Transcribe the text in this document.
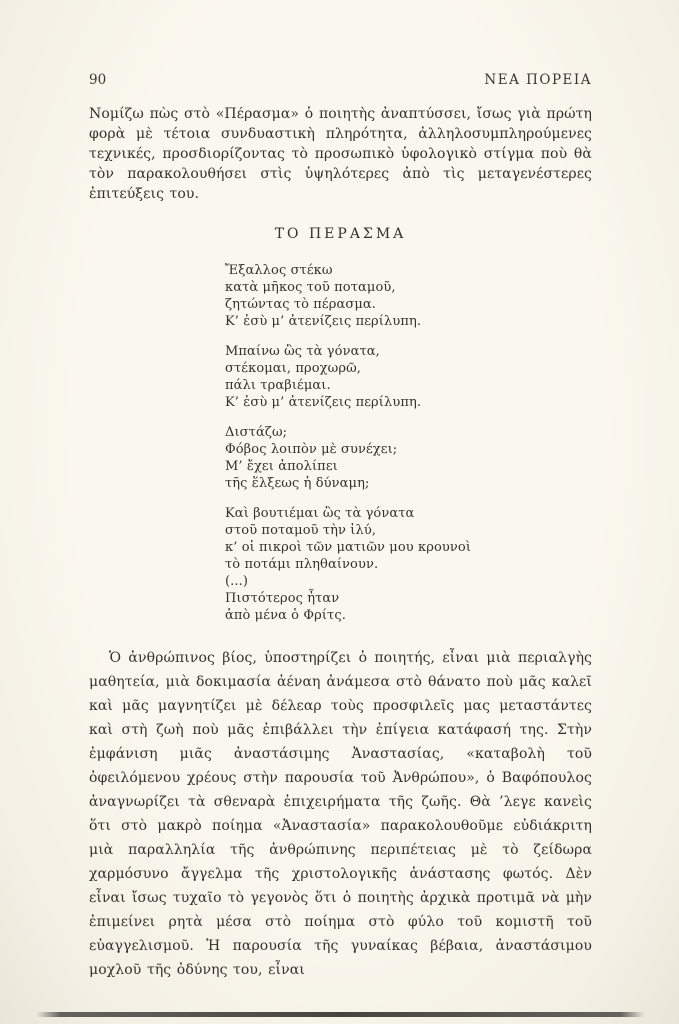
90	ΝΕΑ ΠΟΡΕΙΑ

Νομίζω πὼς στὸ «Πέρασμα» ὁ ποιητὴς ἀναπτύσσει, ἴσως γιὰ πρώτη φορὰ μὲ τέτοια συνδυαστικὴ πληρότητα, ἀλληλοσυμπληρούμενες τεχνικές, προσδιορίζοντας τὸ προσωπικὸ ὑφολογικὸ στίγμα ποὺ θὰ τὸν παρακολουθήσει στὶς ὑψηλότερες ἀπὸ τὶς μεταγενέστερες ἐπιτεύξεις του.

ΤΟ ΠΕΡΑΣΜΑ
Ἔξαλλος στέκω
κατὰ μῆκος τοῦ ποταμοῦ,
ζητώντας τὸ πέρασμα.
Κ’ ἐσὺ μ’ ἀτενίζεις περίλυπη.
Μπαίνω ὣς τὰ γόνατα,
στέκομαι, προχωρῶ,
πάλι τραβιέμαι.
Κ’ ἐσὺ μ’ ἀτενίζεις περίλυπη.
Διστάζω;
Φόβος λοιπὸν μὲ συνέχει;
Μ’ ἔχει ἀπολίπει
τῆς ἕλξεως ἡ δύναμη;
Καὶ βουτιέμαι ὣς τὰ γόνατα
στοῦ ποταμοῦ τὴν ἰλύ,
κ’ οἱ πικροὶ τῶν ματιῶν μου κρουνοὶ
τὸ ποτάμι πληθαίνουν.
(...)
Πιστότερος ἦταν
ἀπὸ μένα ὁ Φρίτς.

Ὁ ἀνθρώπινος βίος, ὑποστηρίζει ὁ ποιητής, εἶναι μιὰ περιαλγὴς μαθητεία, μιὰ δοκιμασία ἀέναη ἀνάμεσα στὸ θάνατο ποὺ μᾶς καλεῖ καὶ μᾶς μαγνητίζει μὲ δέλεαρ τοὺς προσφιλεῖς μας μεταστάντες καὶ στὴ ζωὴ ποὺ μᾶς ἐπιβάλλει τὴν ἐπίγεια κατάφασή της. Στὴν ἐμφάνιση μιᾶς ἀναστάσιμης Ἀναστασίας, «καταβολὴ τοῦ ὀφειλόμενου χρέους στὴν παρουσία τοῦ Ἀνθρώπου», ὁ Βαφόπουλος ἀναγνωρίζει τὰ σθεναρὰ ἐπιχειρήματα τῆς ζωῆς. Θὰ ’λεγε κανεὶς ὅτι στὸ μακρὸ ποίημα «Ἀναστασία» παρακολουθοῦμε εὐδιάκριτη μιὰ παραλληλία τῆς ἀνθρώπινης περιπέτειας μὲ τὸ ζείδωρα χαρμόσυνο ἄγγελμα τῆς χριστολογικῆς ἀνάστασης φωτός. Δὲν εἶναι ἴσως τυχαῖο τὸ γεγονὸς ὅτι ὁ ποιητὴς ἀρχικὰ προτιμᾶ νὰ μὴν ἐπιμείνει ρητὰ μέσα στὸ ποίημα στὸ φύλο τοῦ κομιστῆ τοῦ εὐαγγελισμοῦ. Ἡ παρουσία τῆς γυναίκας βέβαια, ἀναστάσιμου μοχλοῦ τῆς ὀδύνης του, εἶναι
